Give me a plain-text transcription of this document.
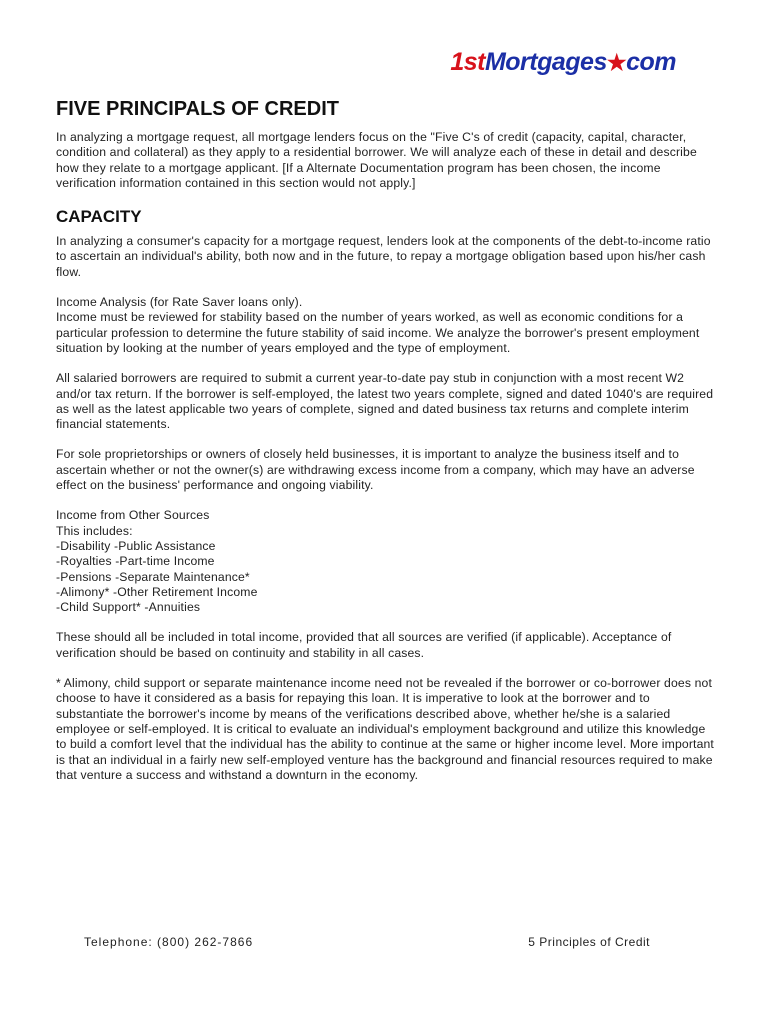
1stMortgages★com
FIVE PRINCIPALS OF CREDIT

In analyzing a mortgage request, all mortgage lenders focus on the "Five C's of credit (capacity, capital, character, condition and collateral) as they apply to a residential borrower. We will analyze each of these in detail and describe how they relate to a mortgage applicant. [If a Alternate Documentation program has been chosen, the income verification information contained in this section would not apply.]

CAPACITY

In analyzing a consumer's capacity for a mortgage request, lenders look at the components of the debt-to-income ratio to ascertain an individual's ability, both now and in the future, to repay a mortgage obligation based upon his/her cash flow.

Income Analysis (for Rate Saver loans only).
Income must be reviewed for stability based on the number of years worked, as well as economic conditions for a particular profession to determine the future stability of said income. We analyze the borrower's present employment situation by looking at the number of years employed and the type of employment.

All salaried borrowers are required to submit a current year-to-date pay stub in conjunction with a most recent W2 and/or tax return. If the borrower is self-employed, the latest two years complete, signed and dated 1040's are required as well as the latest applicable two years of complete, signed and dated business tax returns and complete interim financial statements.

For sole proprietorships or owners of closely held businesses, it is important to analyze the business itself and to ascertain whether or not the owner(s) are withdrawing excess income from a company, which may have an adverse effect on the business' performance and ongoing viability.

Income from Other Sources
This includes:
-Disability -Public Assistance
-Royalties -Part-time Income
-Pensions -Separate Maintenance*
-Alimony* -Other Retirement Income
-Child Support* -Annuities

These should all be included in total income, provided that all sources are verified (if applicable). Acceptance of verification should be based on continuity and stability in all cases.

* Alimony, child support or separate maintenance income need not be revealed if the borrower or co-borrower does not choose to have it considered as a basis for repaying this loan. It is imperative to look at the borrower and to substantiate the borrower's income by means of the verifications described above, whether he/she is a salaried employee or self-employed. It is critical to evaluate an individual's employment background and utilize this knowledge to build a comfort level that the individual has the ability to continue at the same or higher income level. More important is that an individual in a fairly new self-employed venture has the background and financial resources required to make that venture a success and withstand a downturn in the economy.

Telephone: (800) 262-7866	5 Principles of Credit
